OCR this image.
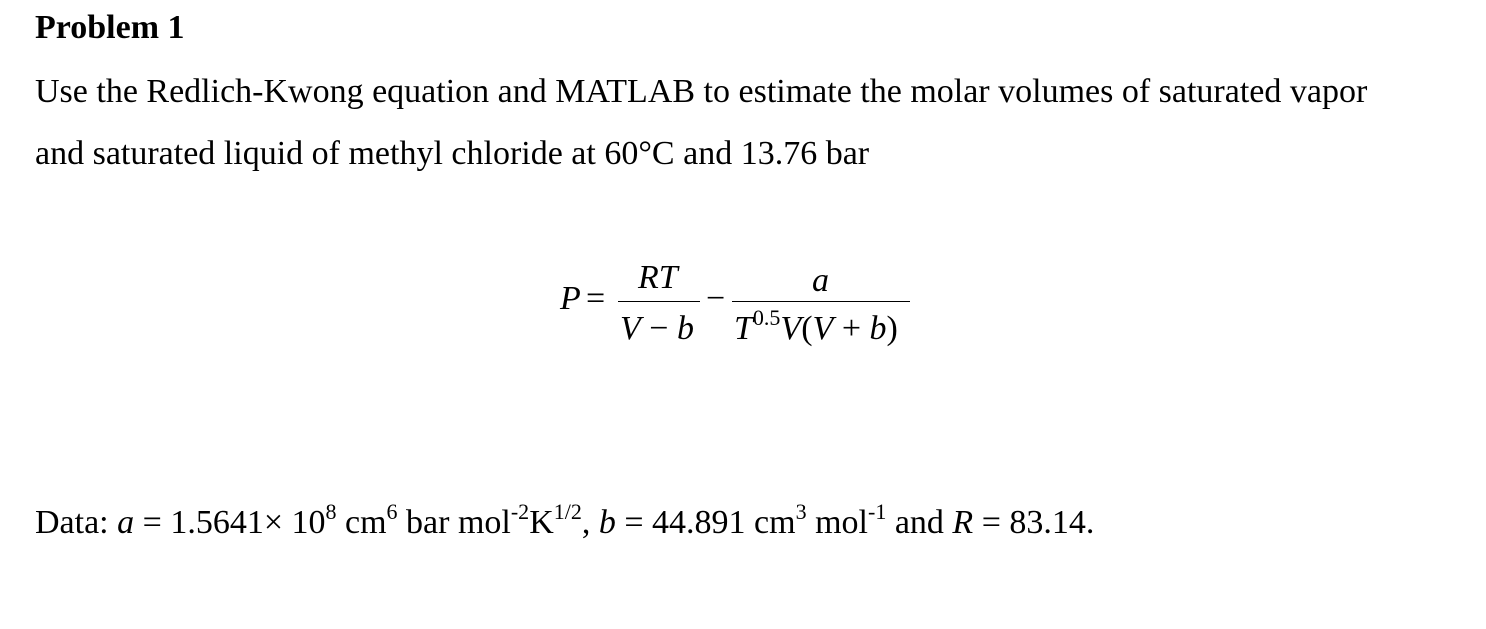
Problem 1
Use the Redlich-Kwong equation and MATLAB to estimate the molar volumes of saturated vapor
and saturated liquid of methyl chloride at 60°C and 13.76 bar
P =
RT
V − b
−	a
$T^{0.5}V(V + b)$
Data: $a = 1.5641\times 10^8$ $cm^6$ bar $mol^{-2}K^{1/2}$, b = 44.891 $cm^3$ mol$^{-1}$ and R = 83.14.
